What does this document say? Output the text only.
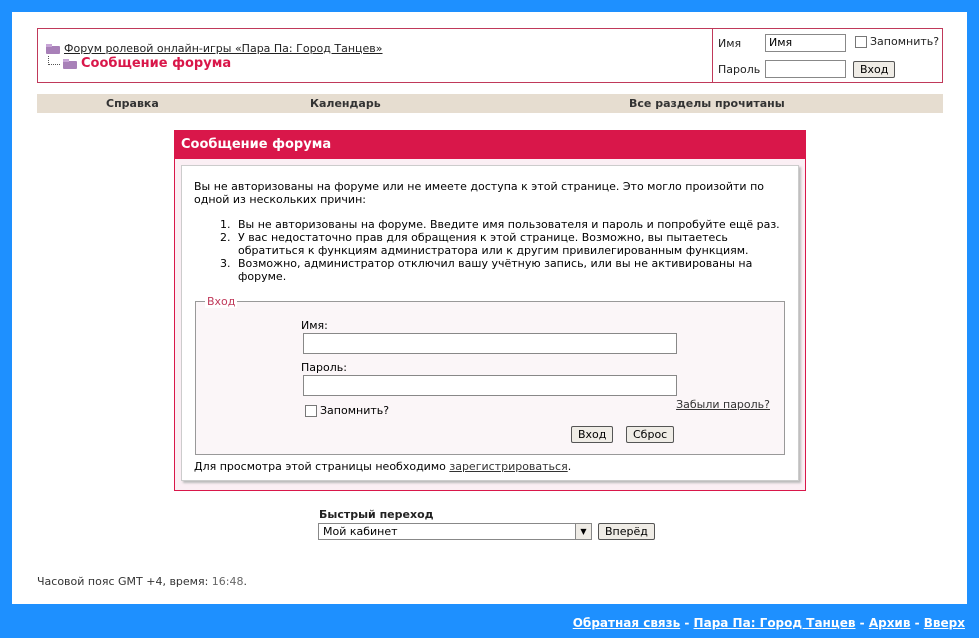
Форум ролевой онлайн-игры «Пара Па: Город Танцев»
Сообщение форума
Имя	Имя	Запомнить?
Пароль	Вход
Справка	Календарь	Все разделы прочитаны
Сообщение форума
Вы не авторизованы на форуме или не имеете доступа к этой странице. Это могло произойти по одной из нескольких причин:
1. Вы не авторизованы на форуме. Введите имя пользователя и пароль и попробуйте ещё раз.
2. У вас недостаточно прав для обращения к этой странице. Возможно, вы пытаетесь обратиться к функциям администратора или к другим привилегированным функциям.
3. Возможно, администратор отключил вашу учётную запись, или вы не активированы на форуме.
Вход
Имя:
Пароль:
Запомнить?	Забыли пароль?
Вход	Сброс
Для просмотра этой страницы необходимо зарегистрироваться.
Быстрый переход
Мой кабинет	▼	Вперёд
Часовой пояс GMT +4, время: 16:48.
Обратная связь - Пара Па: Город Танцев - Архив - Вверх
